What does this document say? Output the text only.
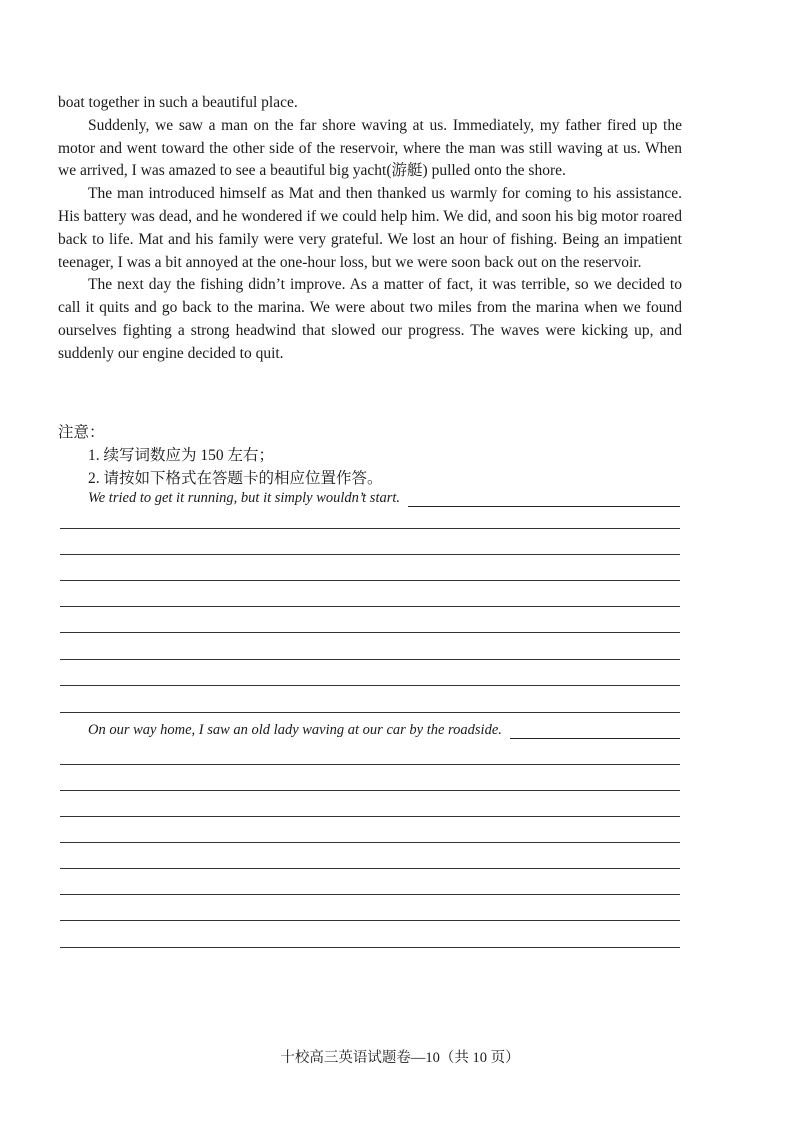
boat together in such a beautiful place.

Suddenly, we saw a man on the far shore waving at us. Immediately, my father fired up the motor and went toward the other side of the reservoir, where the man was still waving at us. When we arrived, I was amazed to see a beautiful big yacht(游艇) pulled onto the shore.

The man introduced himself as Mat and then thanked us warmly for coming to his assistance. His battery was dead, and he wondered if we could help him. We did, and soon his big motor roared back to life. Mat and his family were very grateful. We lost an hour of fishing. Being an impatient teenager, I was a bit annoyed at the one-hour loss, but we were soon back out on the reservoir.

The next day the fishing didn’t improve. As a matter of fact, it was terrible, so we decided to call it quits and go back to the marina. We were about two miles from the marina when we found ourselves fighting a strong headwind that slowed our progress. The waves were kicking up, and suddenly our engine decided to quit.

注意：
1. 续写词数应为 150 左右；
2. 请按如下格式在答题卡的相应位置作答。
We tried to get it running, but it simply wouldn’t start.
On our way home, I saw an old lady waving at our car by the roadside.
十校高三英语试题卷—10（共 10 页）
